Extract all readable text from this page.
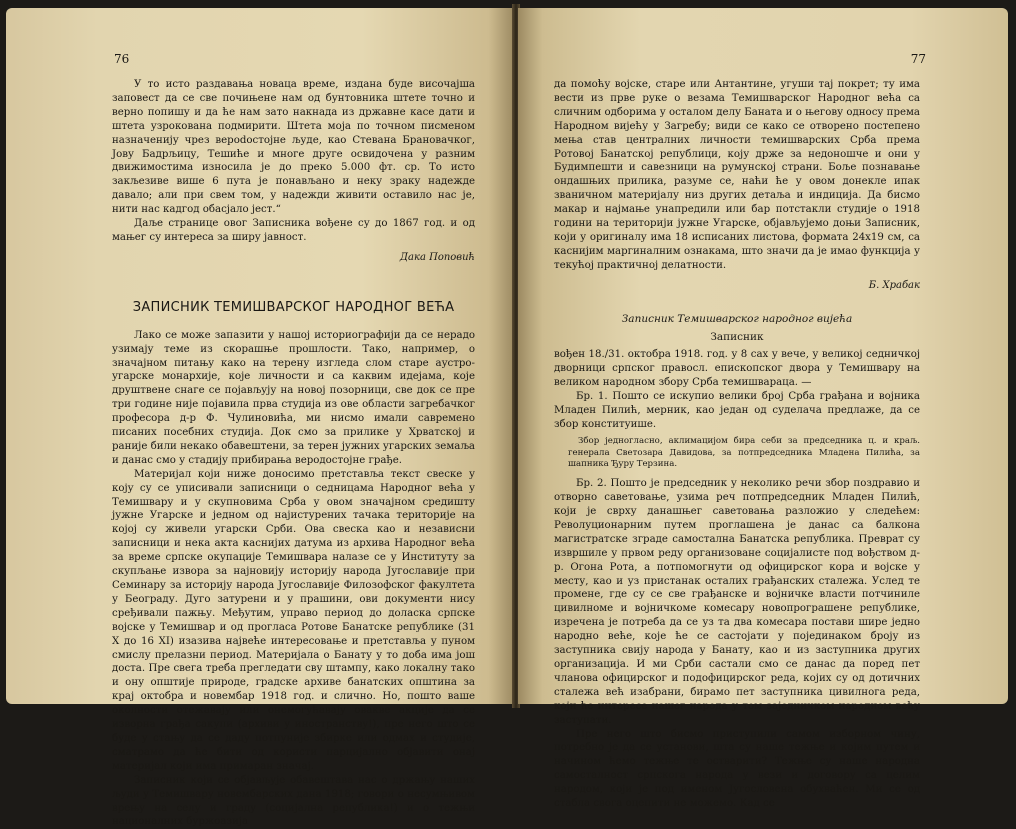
76

У то исто раздавања новаца време, издана буде височајша заповест да се све почињене нам од бунтовника штете точно и верно попишу и да ће нам зато накнада из државне касе дати и штета узрокована подмирити. Штета моја по точном писменом назначенију чрез вероdoстојне људе, као Стевана Брановачког, Јову Бадрљицу, Тешиће и многе друге освидочена у разним движимостима износила је до преко 5.000 фт. ср. То исто закљезиве више 6 пута је понављано и неку зраку надежде давало; али при свем том, у надежди живити оставило нас је, нити нас кадгод обасјало јест.“

Даље странице овог Записника вођене су до 1867 год. и од мањег су интереса за ширу јавност.

Дака Поповић
ЗАПИСНИК ТЕМИШВАРСКОГ НАРОДНОГ ВЕЋА

Лако се може запазити у нашој историографији да се нерадо узимају теме из скорашње прошлости. Тако, например, о значајном питању како на терену изгледа слом старе аустро-угарске монархије, које личности и са каквим идејама, које друштвене снаге се појављују на новој позорници, све док се пре три године није појавила прва студија из ове области загребачког професора д-р Ф. Чулиновића, ми нисмо имали савремено писаних посебних студија. Док смо за прилике у Хрватској и раније били некако обавештени, за терен јужних угарских земаља и данас смо у стадију прибирања веродостојне грађе.

Материјал који ниже доносимо претставља текст свеске у коју су се уписивали записници о седницама Народног већа у Темишвару и у скупновима Срба у овом значајном средишту јужне Угарске и једном од најистурених тачака територије на којој су живели угарски Срби. Ова свеска као и независни записници и нека акта каснијих датума из архива Народног већа за време српске окупације Темишвара налазе се у Институту за скупљање извора за најновију историју народа Југославије при Семинару за историју народа Југославије Филозофског факултета у Београду. Дуго затурени и у прашини, ови документи нису сређивали пажњу. Међутим, управо период до доласка српске војске у Темишвар и од прогласа Ротове Банатске републике (31 X до 16 XI) изазива највеће интересовање и претставља у пуном смислу прелазни период. Материјала о Банату у то доба има још доста. Пре свега треба прегледати сву штампу, како локалну тако и ону општије природе, градске архиве банатских општина за крај октобра и новембар 1918 год. и слично. Но, пошто ваше околности отежавају или онемогућавају овакве акције да се изворна грађа сакупи (архиви у иностранству!), пре него што се буде у стању да се даду потпуније збирке или одмах и студије, сматрамо да ће бити од користи парцијално објавити онај материјал који има примаран значај.

Записник који се објављује обавештава нас о држању наших људи у Темишвару новембарских дана 1918; говори о несумњивом врењу на селу и граду (социјална република!) и о тежњи националних буржоазија

77

да помоћу војске, старе или Антантине, угуши тај покрет; ту има вести из прве руке о везама Темишварског Народног већа са сличним одборима у осталом делу Баната и о његову односу према Народном вијећу у Загребу; види се како се отворено постепено мења став централних личности темишварских Срба према Ротовој Банатској републици, коју држе за недоношче и они у Будимпешти и савезници на румунској страни. Боље познавање ондашњих прилика, разуме се, наћи ће у овом донекле ипак званичном материјалу низ других детаља и индиција. Да бисмо макар и најмање унапредили или бар потстакли студије о 1918 години на територији јужне Угарске, објављујемо доњи Записник, који у оригиналу има 18 исписаних листова, формата 24x19 см, са каснијим маргиналним ознакама, што значи да је имао функција у текућој практичној делатности.

Б. Храбак
Записник Темишварског народног вијећа
Записник

вођен 18./31. октобра 1918. год. у 8 сах у вече, у великој седничкој дворници српског правосл. епископског двора у Темишвару на великом народном збору Срба темишвараца. —

Бр. 1. Пошто се искупио велики број Срба грађана и војника Младен Пилић, мерник, као један од суделача предлаже, да се збор конституише.

Збор једногласно, аклимацијом бира себи за председника ц. и краљ. генерала Светозара Давидова, за потпредседника Младена Пилића, за шапника Ђуру Терзина.

Бр. 2. Пошто је председник у неколико речи збор поздравио и отворно саветовање, узима реч потпредседник Младен Пилић, који је сврху данашњег саветовања разложио у следећем: Револуционарним путем проглашена је данас са балкона магистратске зграде самостална Банатска република. Преврат су извршиле у првом реду организоване социјалисте под вођством д-р. Огона Рота, а потпомогнути од официрског кора и војске у месту, као и уз пристанак осталих грађанских сталежа. Услед те промене, где су се све грађанске и војничке власти потчиниле цивилноме и војничкоме комесару новопрограшене републике, изречена је потреба да се уз та два комесара постави шире једно народно веће, које ће се састојати у појединаком броју из заступника свију народа у Банату, као и из заступника других организација. И ми Срби састали смо се данас да поред пет чланова официрског и подофицирског реда, којих су од дотичних сталежа већ изабрани, бирамо пет заступника цивилнога реда, који ће интересе нашег народа у том заједничком народном већу заступати.

Пре него што бисмо приступили самом изборном чину, потребно је да се установи, шта су наше тежње и којим путем и начином ћемо тежње те остварити? Тежње су наше народна самосталност српскога народа у вези и договору са целим народом, који је под именом Југословена обухваћен. Ми се од стабла свога оцепити не можемо. Кад се
